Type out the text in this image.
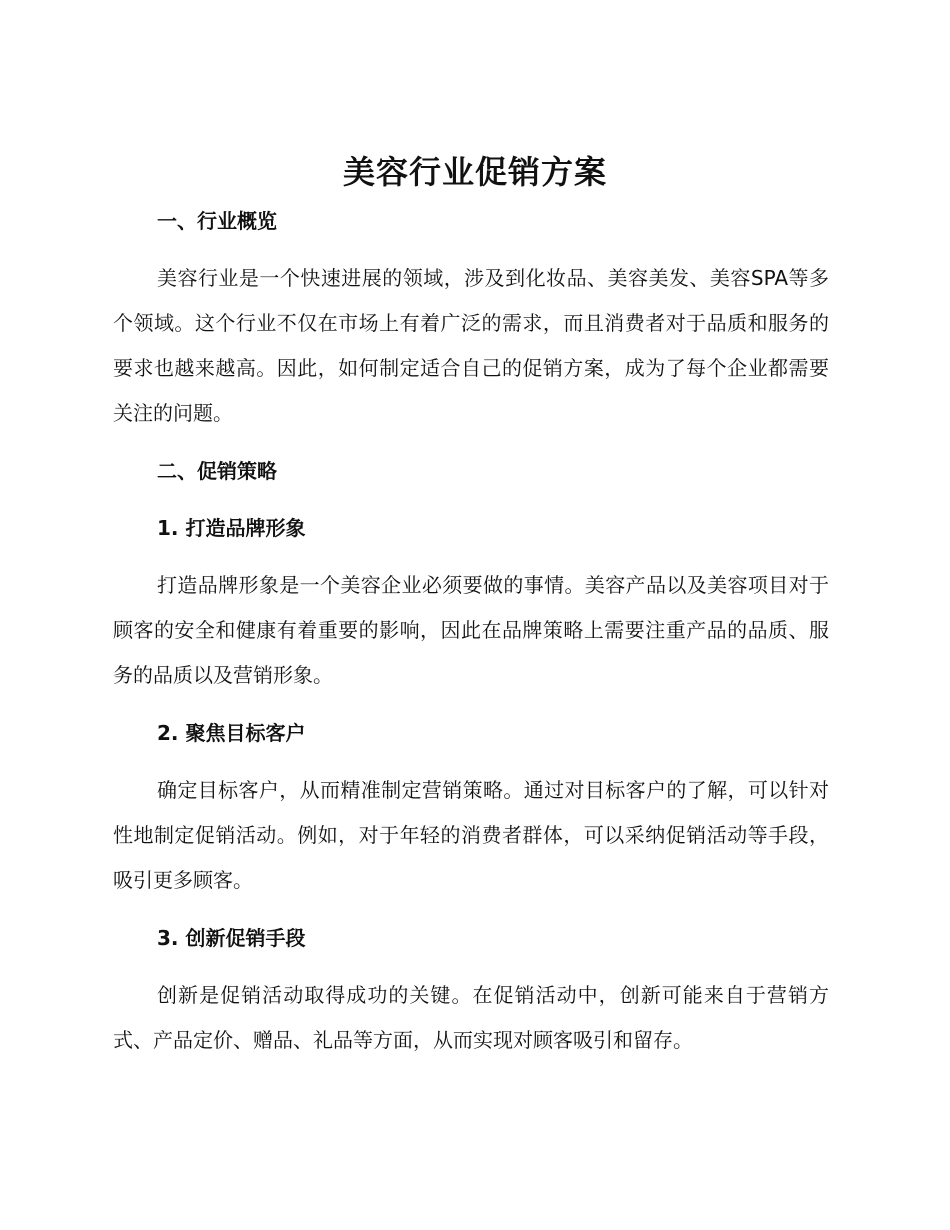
美容行业促销方案
一、行业概览

美容行业是一个快速进展的领域，涉及到化妆品、美容美发、美容SPA等多个领域。这个行业不仅在市场上有着广泛的需求，而且消费者对于品质和服务的要求也越来越高。因此，如何制定适合自己的促销方案，成为了每个企业都需要关注的问题。

二、促销策略
1. 打造品牌形象

打造品牌形象是一个美容企业必须要做的事情。美容产品以及美容项目对于顾客的安全和健康有着重要的影响，因此在品牌策略上需要注重产品的品质、服务的品质以及营销形象。

2. 聚焦目标客户

确定目标客户，从而精准制定营销策略。通过对目标客户的了解，可以针对性地制定促销活动。例如，对于年轻的消费者群体，可以采纳促销活动等手段，吸引更多顾客。

3. 创新促销手段

创新是促销活动取得成功的关键。在促销活动中，创新可能来自于营销方式、产品定价、赠品、礼品等方面，从而实现对顾客吸引和留存。
